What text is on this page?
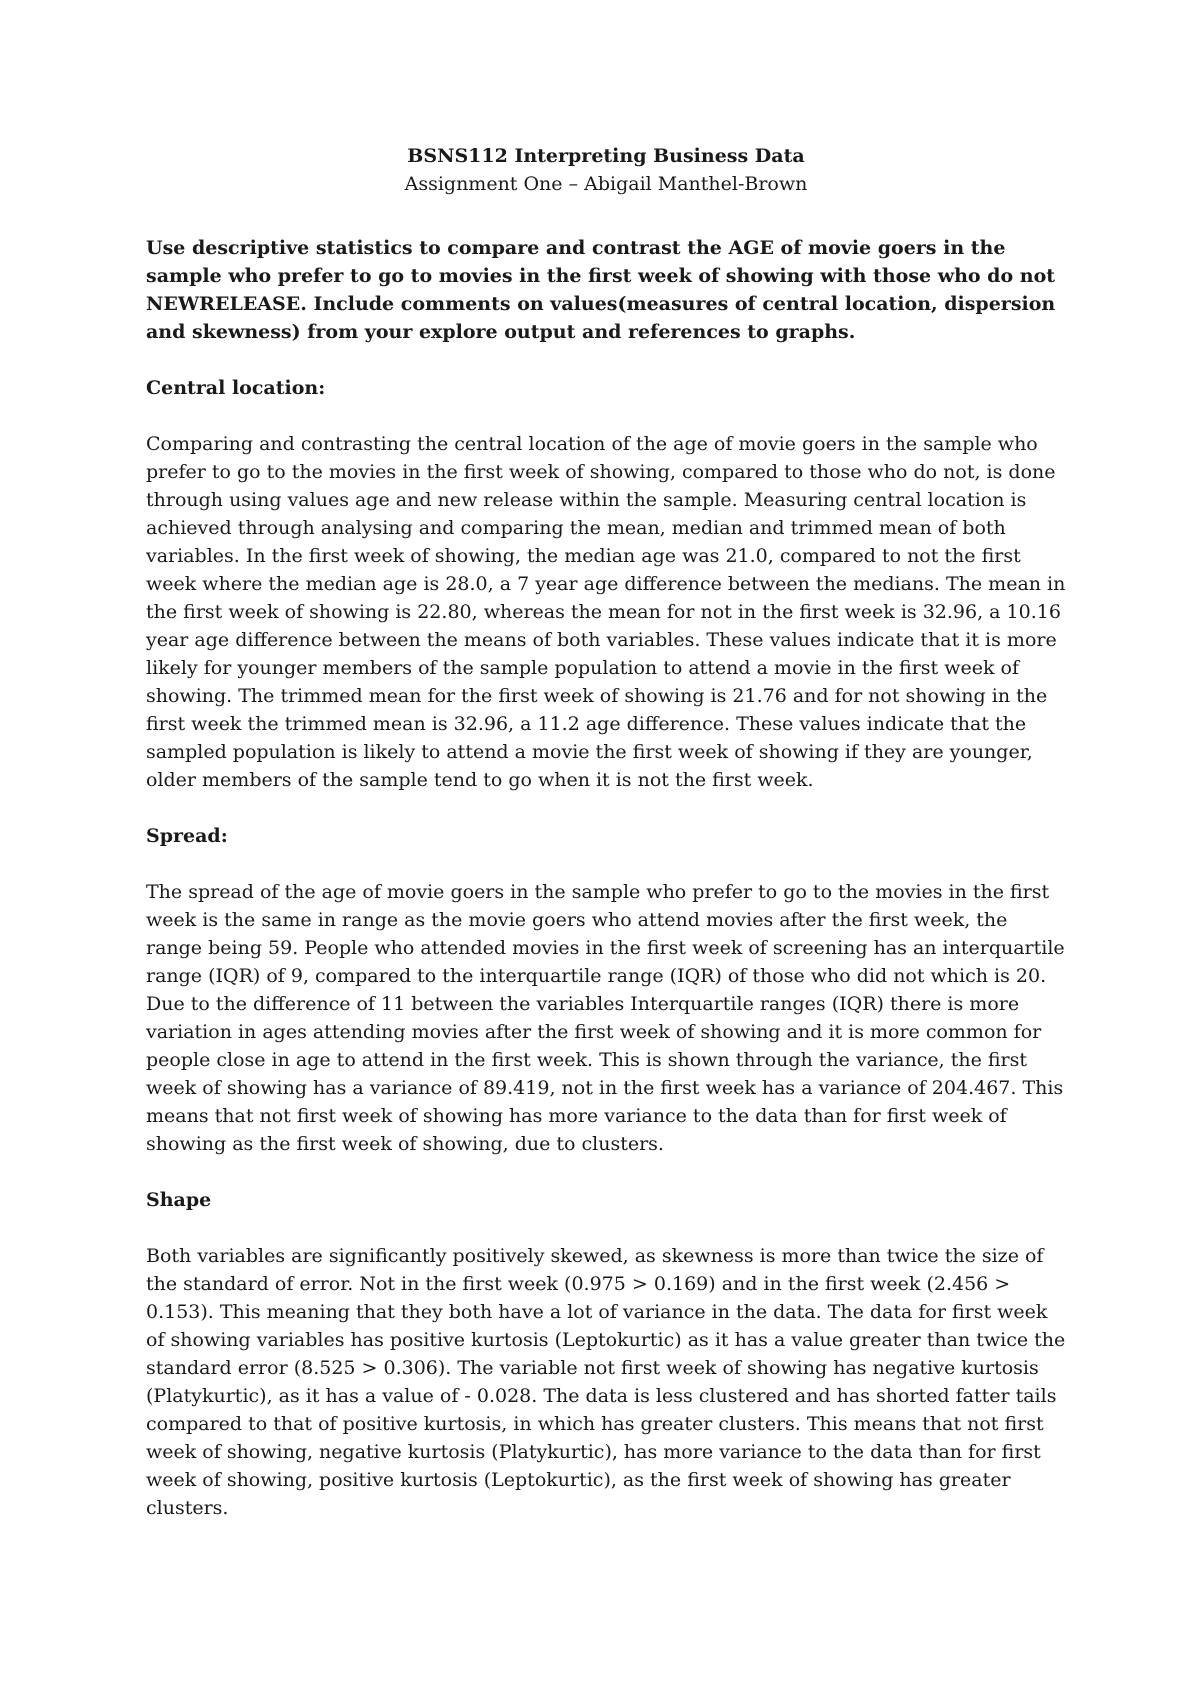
BSNS112 Interpreting Business Data

Assignment One – Abigail Manthel-Brown

Use descriptive statistics to compare and contrast the AGE of movie goers in the sample who prefer to go to movies in the first week of showing with those who do not NEWRELEASE. Include comments on values(measures of central location, dispersion and skewness) from your explore output and references to graphs.

Central location:

Comparing and contrasting the central location of the age of movie goers in the sample who prefer to go to the movies in the first week of showing, compared to those who do not, is done through using values age and new release within the sample. Measuring central location is achieved through analysing and comparing the mean, median and trimmed mean of both variables. In the first week of showing, the median age was 21.0, compared to not the first week where the median age is 28.0, a 7 year age difference between the medians. The mean in the first week of showing is 22.80, whereas the mean for not in the first week is 32.96, a 10.16 year age difference between the means of both variables. These values indicate that it is more likely for younger members of the sample population to attend a movie in the first week of showing. The trimmed mean for the first week of showing is 21.76 and for not showing in the first week the trimmed mean is 32.96, a 11.2 age difference. These values indicate that the sampled population is likely to attend a movie the first week of showing if they are younger, older members of the sample tend to go when it is not the first week.

Spread:

The spread of the age of movie goers in the sample who prefer to go to the movies in the first week is the same in range as the movie goers who attend movies after the first week, the range being 59. People who attended movies in the first week of screening has an interquartile range (IQR) of 9, compared to the interquartile range (IQR) of those who did not which is 20. Due to the difference of 11 between the variables Interquartile ranges (IQR) there is more variation in ages attending movies after the first week of showing and it is more common for people close in age to attend in the first week. This is shown through the variance, the first week of showing has a variance of 89.419, not in the first week has a variance of 204.467. This means that not first week of showing has more variance to the data than for first week of showing as the first week of showing, due to clusters.

Shape

Both variables are significantly positively skewed, as skewness is more than twice the size of the standard of error. Not in the first week (0.975 > 0.169) and in the first week (2.456 > 0.153). This meaning that they both have a lot of variance in the data. The data for first week of showing variables has positive kurtosis (Leptokurtic) as it has a value greater than twice the standard error (8.525 > 0.306). The variable not first week of showing has negative kurtosis (Platykurtic), as it has a value of - 0.028. The data is less clustered and has shorted fatter tails compared to that of positive kurtosis, in which has greater clusters. This means that not first week of showing, negative kurtosis (Platykurtic), has more variance to the data than for first week of showing, positive kurtosis (Leptokurtic), as the first week of showing has greater clusters.
